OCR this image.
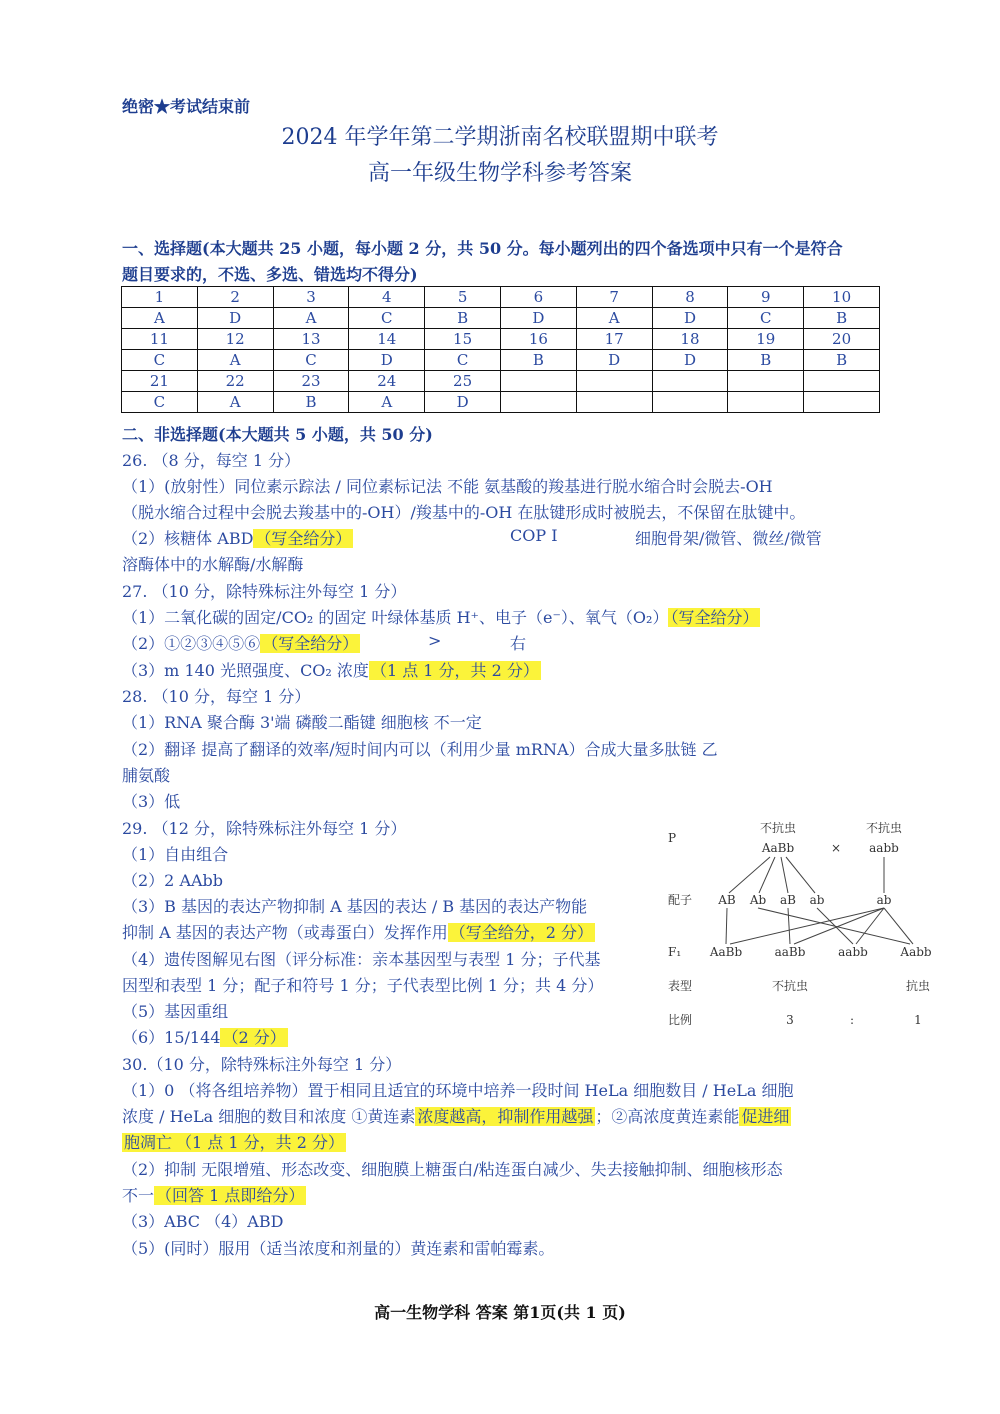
绝密★考试结束前
2024 年学年第二学期浙南名校联盟期中联考
高一年级生物学科参考答案
一、选择题(本大题共 25 小题，每小题 2 分，共 50 分。每小题列出的四个备选项中只有一个是符合
题目要求的，不选、多选、错选均不得分)
1	2	3	4	5	6	7	8	9	10
A	D	A	C	B	D	A	D	C	B
11	12	13	14	15	16	17	18	19	20
C	A	C	D	C	B	D	D	B	B
21	22	23	24	25					
C	A	B	A	D					
二、非选择题(本大题共 5 小题，共 50 分)
26. （8 分，每空 1 分）
（1）(放射性）同位素示踪法 / 同位素标记法 不能 氨基酸的羧基进行脱水缩合时会脱去-OH
（脱水缩合过程中会脱去羧基中的-OH）/羧基中的-OH 在肽键形成时被脱去，不保留在肽键中。
（2）核糖体 ABD （写全给分）	COP I	细胞骨架/微管、微丝/微管
溶酶体中的水解酶/水解酶
27. （10 分，除特殊标注外每空 1 分）
（1）二氧化碳的固定/CO₂ 的固定 叶绿体基质 H⁺、电子（e⁻）、氧气（O₂） （写全给分）
（2）①②③④⑤⑥ （写全给分）	>	右
（3）m 140 光照强度、CO₂ 浓度 （1 点 1 分，共 2 分）
28. （10 分，每空 1 分）
（1）RNA 聚合酶 3'端 磷酸二酯键 细胞核 不一定
（2）翻译 提高了翻译的效率/短时间内可以（利用少量 mRNA）合成大量多肽链 乙
脯氨酸
（3）低
29. （12 分，除特殊标注外每空 1 分）
（1）自由组合
（2）2 AAbb
（3）B 基因的表达产物抑制 A 基因的表达 / B 基因的表达产物能
抑制 A 基因的表达产物（或毒蛋白）发挥作用 （写全给分，2 分）
（4）遗传图解见右图（评分标准：亲本基因型与表型 1 分；子代基
因型和表型 1 分；配子和符号 1 分；子代表型比例 1 分；共 4 分）
（5）基因重组
（6）15/144 （2 分）
P
配子
F₁
表型
比例
不抗虫
AaBb	×
不抗虫
aabb
AB Ab aB ab	ab
AaBb	aaBb	aabb	Aabb
不抗虫	抗虫
3	:	1
30.（10 分，除特殊标注外每空 1 分）
（1）0 （将各组培养物）置于相同且适宜的环境中培养一段时间 HeLa 细胞数目 / HeLa 细胞
浓度 / HeLa 细胞的数目和浓度 ①黄连素 浓度越高，抑制作用越强 ；②高浓度黄连素能 促进细
胞凋亡 （1 点 1 分，共 2 分）
（2）抑制 无限增殖、形态改变、细胞膜上糖蛋白/粘连蛋白减少、失去接触抑制、细胞核形态
不一 （回答 1 点即给分）
（3）ABC （4）ABD
（5）(同时）服用（适当浓度和剂量的）黄连素和雷帕霉素。
高一生物学科 答案 第1页(共 1 页)
